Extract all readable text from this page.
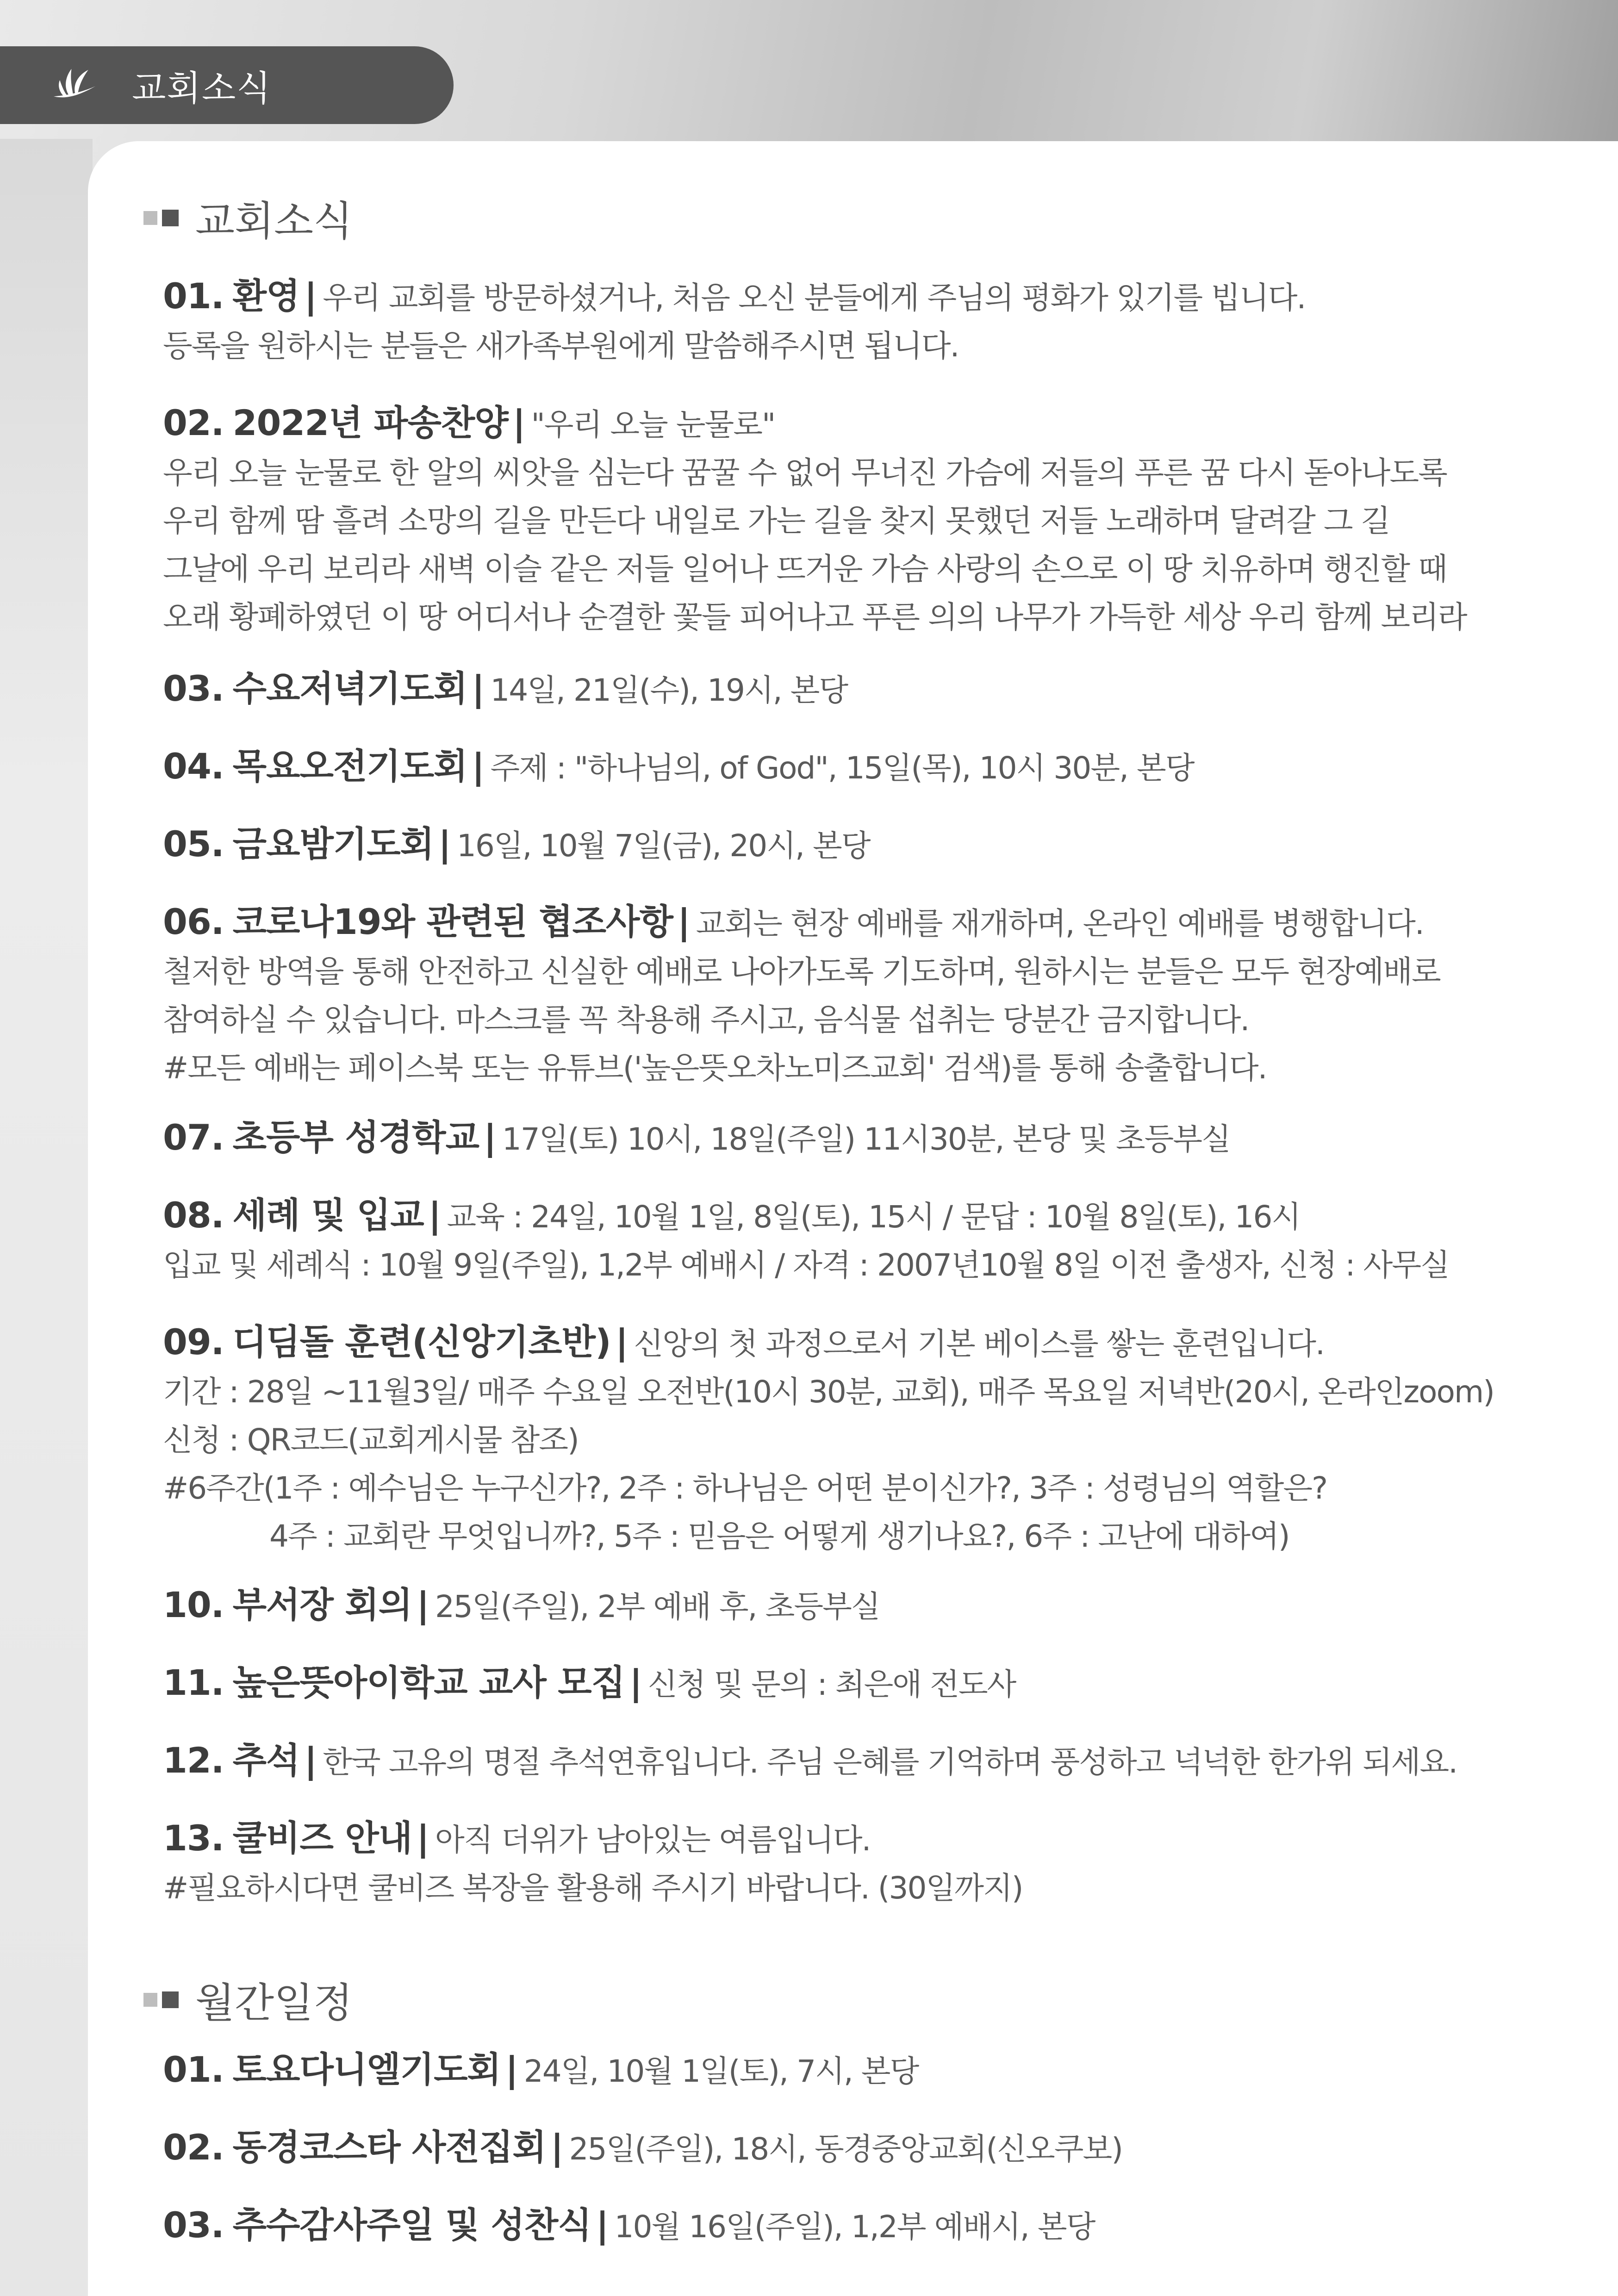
교회소식
교회소식
01. 환영 | 우리 교회를 방문하셨거나, 처음 오신 분들에게 주님의 평화가 있기를 빕니다.
등록을 원하시는 분들은 새가족부원에게 말씀해주시면 됩니다.
02. 2022년 파송찬양 | "우리 오늘 눈물로"
우리 오늘 눈물로 한 알의 씨앗을 심는다 꿈꿀 수 없어 무너진 가슴에 저들의 푸른 꿈 다시 돋아나도록
우리 함께 땀 흘려 소망의 길을 만든다 내일로 가는 길을 찾지 못했던 저들 노래하며 달려갈 그 길
그날에 우리 보리라 새벽 이슬 같은 저들 일어나 뜨거운 가슴 사랑의 손으로 이 땅 치유하며 행진할 때
오래 황폐하였던 이 땅 어디서나 순결한 꽃들 피어나고 푸른 의의 나무가 가득한 세상 우리 함께 보리라
03. 수요저녁기도회 | 14일, 21일(수), 19시, 본당
04. 목요오전기도회 | 주제 : "하나님의, of God", 15일(목), 10시 30분, 본당
05. 금요밤기도회 | 16일, 10월 7일(금), 20시, 본당
06. 코로나19와 관련된 협조사항 | 교회는 현장 예배를 재개하며, 온라인 예배를 병행합니다.
철저한 방역을 통해 안전하고 신실한 예배로 나아가도록 기도하며, 원하시는 분들은 모두 현장예배로
참여하실 수 있습니다. 마스크를 꼭 착용해 주시고, 음식물 섭취는 당분간 금지합니다.
#모든 예배는 페이스북 또는 유튜브('높은뜻오차노미즈교회' 검색)를 통해 송출합니다.
07. 초등부 성경학교 | 17일(토) 10시, 18일(주일) 11시30분, 본당 및 초등부실
08. 세례 및 입교 | 교육 : 24일, 10월 1일, 8일(토), 15시 / 문답 : 10월 8일(토), 16시
입교 및 세례식 : 10월 9일(주일), 1,2부 예배시 / 자격 : 2007년10월 8일 이전 출생자, 신청 : 사무실
09. 디딤돌 훈련(신앙기초반) | 신앙의 첫 과정으로서 기본 베이스를 쌓는 훈련입니다.
기간 : 28일 ~11월3일/ 매주 수요일 오전반(10시 30분, 교회), 매주 목요일 저녁반(20시, 온라인zoom)
신청 : QR코드(교회게시물 참조)
#6주간(1주 : 예수님은 누구신가?, 2주 : 하나님은 어떤 분이신가?, 3주 : 성령님의 역할은?
4주 : 교회란 무엇입니까?, 5주 : 믿음은 어떻게 생기나요?, 6주 : 고난에 대하여)
10. 부서장 회의 | 25일(주일), 2부 예배 후, 초등부실
11. 높은뜻아이학교 교사 모집 | 신청 및 문의 : 최은애 전도사
12. 추석 | 한국 고유의 명절 추석연휴입니다. 주님 은혜를 기억하며 풍성하고 넉넉한 한가위 되세요.
13. 쿨비즈 안내 | 아직 더위가 남아있는 여름입니다.
#필요하시다면 쿨비즈 복장을 활용해 주시기 바랍니다. (30일까지)
월간일정
01. 토요다니엘기도회 | 24일, 10월 1일(토), 7시, 본당
02. 동경코스타 사전집회 | 25일(주일), 18시, 동경중앙교회(신오쿠보)
03. 추수감사주일 및 성찬식 | 10월 16일(주일), 1,2부 예배시, 본당
